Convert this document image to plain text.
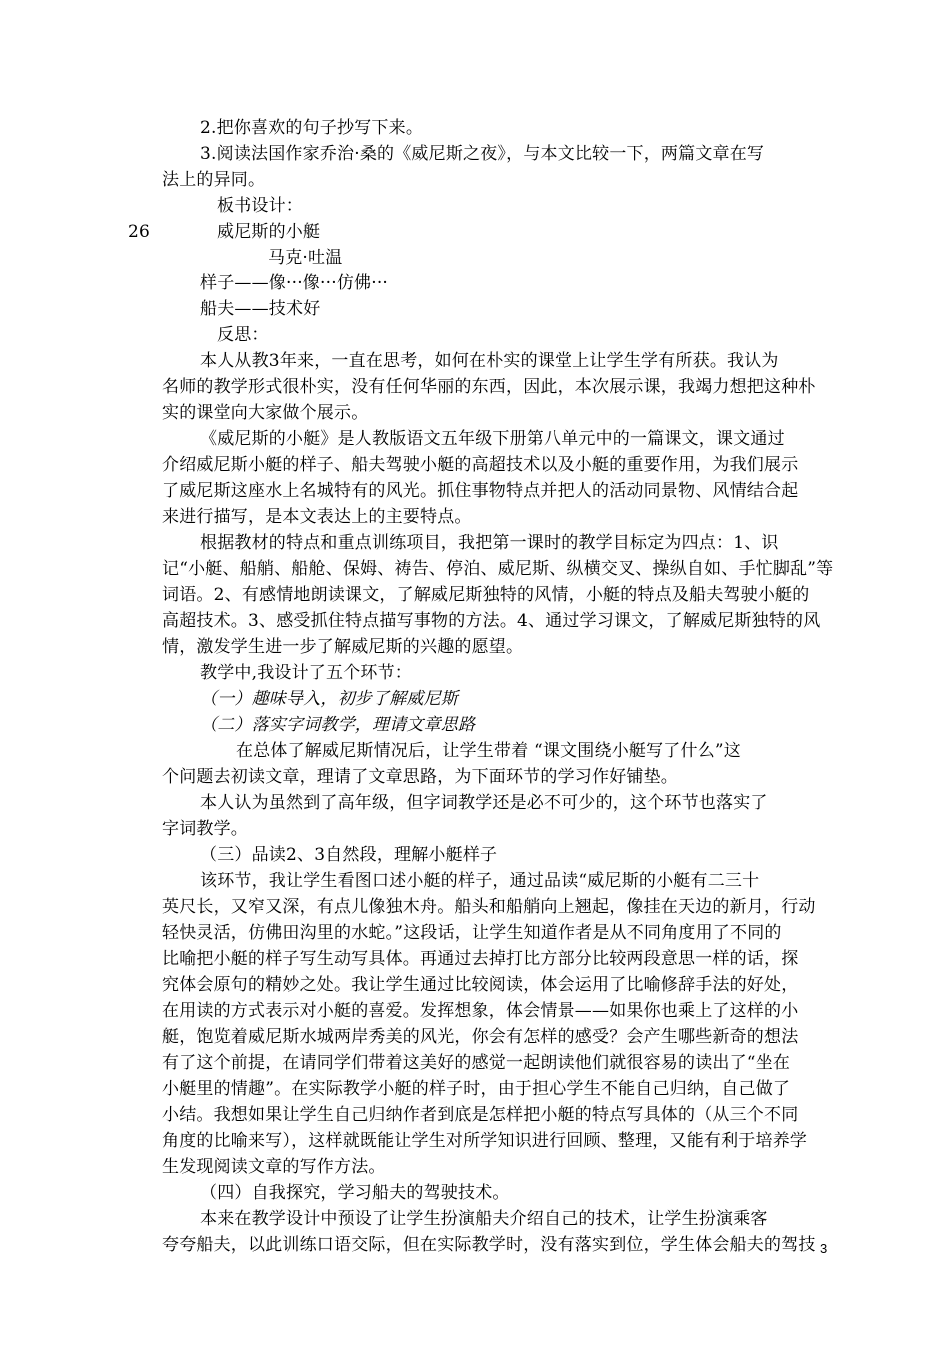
2.把你喜欢的句子抄写下来。
3.阅读法国作家乔治·桑的《威尼斯之夜》，与本文比较一下，两篇文章在写
法上的异同。
板书设计：
26	威尼斯的小艇
马克·吐温
样子——像···像···仿佛···
船夫——技术好
反思：
本人从教3年来，一直在思考，如何在朴实的课堂上让学生学有所获。我认为
名师的教学形式很朴实，没有任何华丽的东西，因此，本次展示课，我竭力想把这种朴
实的课堂向大家做个展示。
《威尼斯的小艇》是人教版语文五年级下册第八单元中的一篇课文，课文通过
介绍威尼斯小艇的样子、船夫驾驶小艇的高超技术以及小艇的重要作用，为我们展示
了威尼斯这座水上名城特有的风光。抓住事物特点并把人的活动同景物、风情结合起
来进行描写，是本文表达上的主要特点。
根据教材的特点和重点训练项目，我把第一课时的教学目标定为四点：1、识
记“小艇、船艄、船舱、保姆、祷告、停泊、威尼斯、纵横交叉、操纵自如、手忙脚乱”等
词语。2、有感情地朗读课文，了解威尼斯独特的风情，小艇的特点及船夫驾驶小艇的
高超技术。3、感受抓住特点描写事物的方法。4、通过学习课文，了解威尼斯独特的风
情，激发学生进一步了解威尼斯的兴趣的愿望。
教学中,我设计了五个环节：
（一）趣味导入，初步了解威尼斯
（二）落实字词教学，理请文章思路
在总体了解威尼斯情况后，让学生带着 “课文围绕小艇写了什么”这
个问题去初读文章，理请了文章思路，为下面环节的学习作好铺垫。
本人认为虽然到了高年级，但字词教学还是必不可少的，这个环节也落实了
字词教学。
（三）品读2、3自然段，理解小艇样子
该环节，我让学生看图口述小艇的样子，通过品读“威尼斯的小艇有二三十
英尺长，又窄又深，有点儿像独木舟。船头和船艄向上翘起，像挂在天边的新月，行动
轻快灵活，仿佛田沟里的水蛇。”这段话，让学生知道作者是从不同角度用了不同的
比喻把小艇的样子写生动写具体。再通过去掉打比方部分比较两段意思一样的话，探
究体会原句的精妙之处。我让学生通过比较阅读，体会运用了比喻修辞手法的好处，
在用读的方式表示对小艇的喜爱。发挥想象，体会情景——如果你也乘上了这样的小
艇，饱览着威尼斯水城两岸秀美的风光，你会有怎样的感受？会产生哪些新奇的想法
有了这个前提，在请同学们带着这美好的感觉一起朗读他们就很容易的读出了“坐在
小艇里的情趣”。在实际教学小艇的样子时，由于担心学生不能自己归纳，自己做了
小结。我想如果让学生自己归纳作者到底是怎样把小艇的特点写具体的（从三个不同
角度的比喻来写），这样就既能让学生对所学知识进行回顾、整理，又能有利于培养学
生发现阅读文章的写作方法。
（四）自我探究，学习船夫的驾驶技术。
本来在教学设计中预设了让学生扮演船夫介绍自己的技术，让学生扮演乘客
夸夸船夫，以此训练口语交际，但在实际教学时，没有落实到位，学生体会船夫的驾技 3
